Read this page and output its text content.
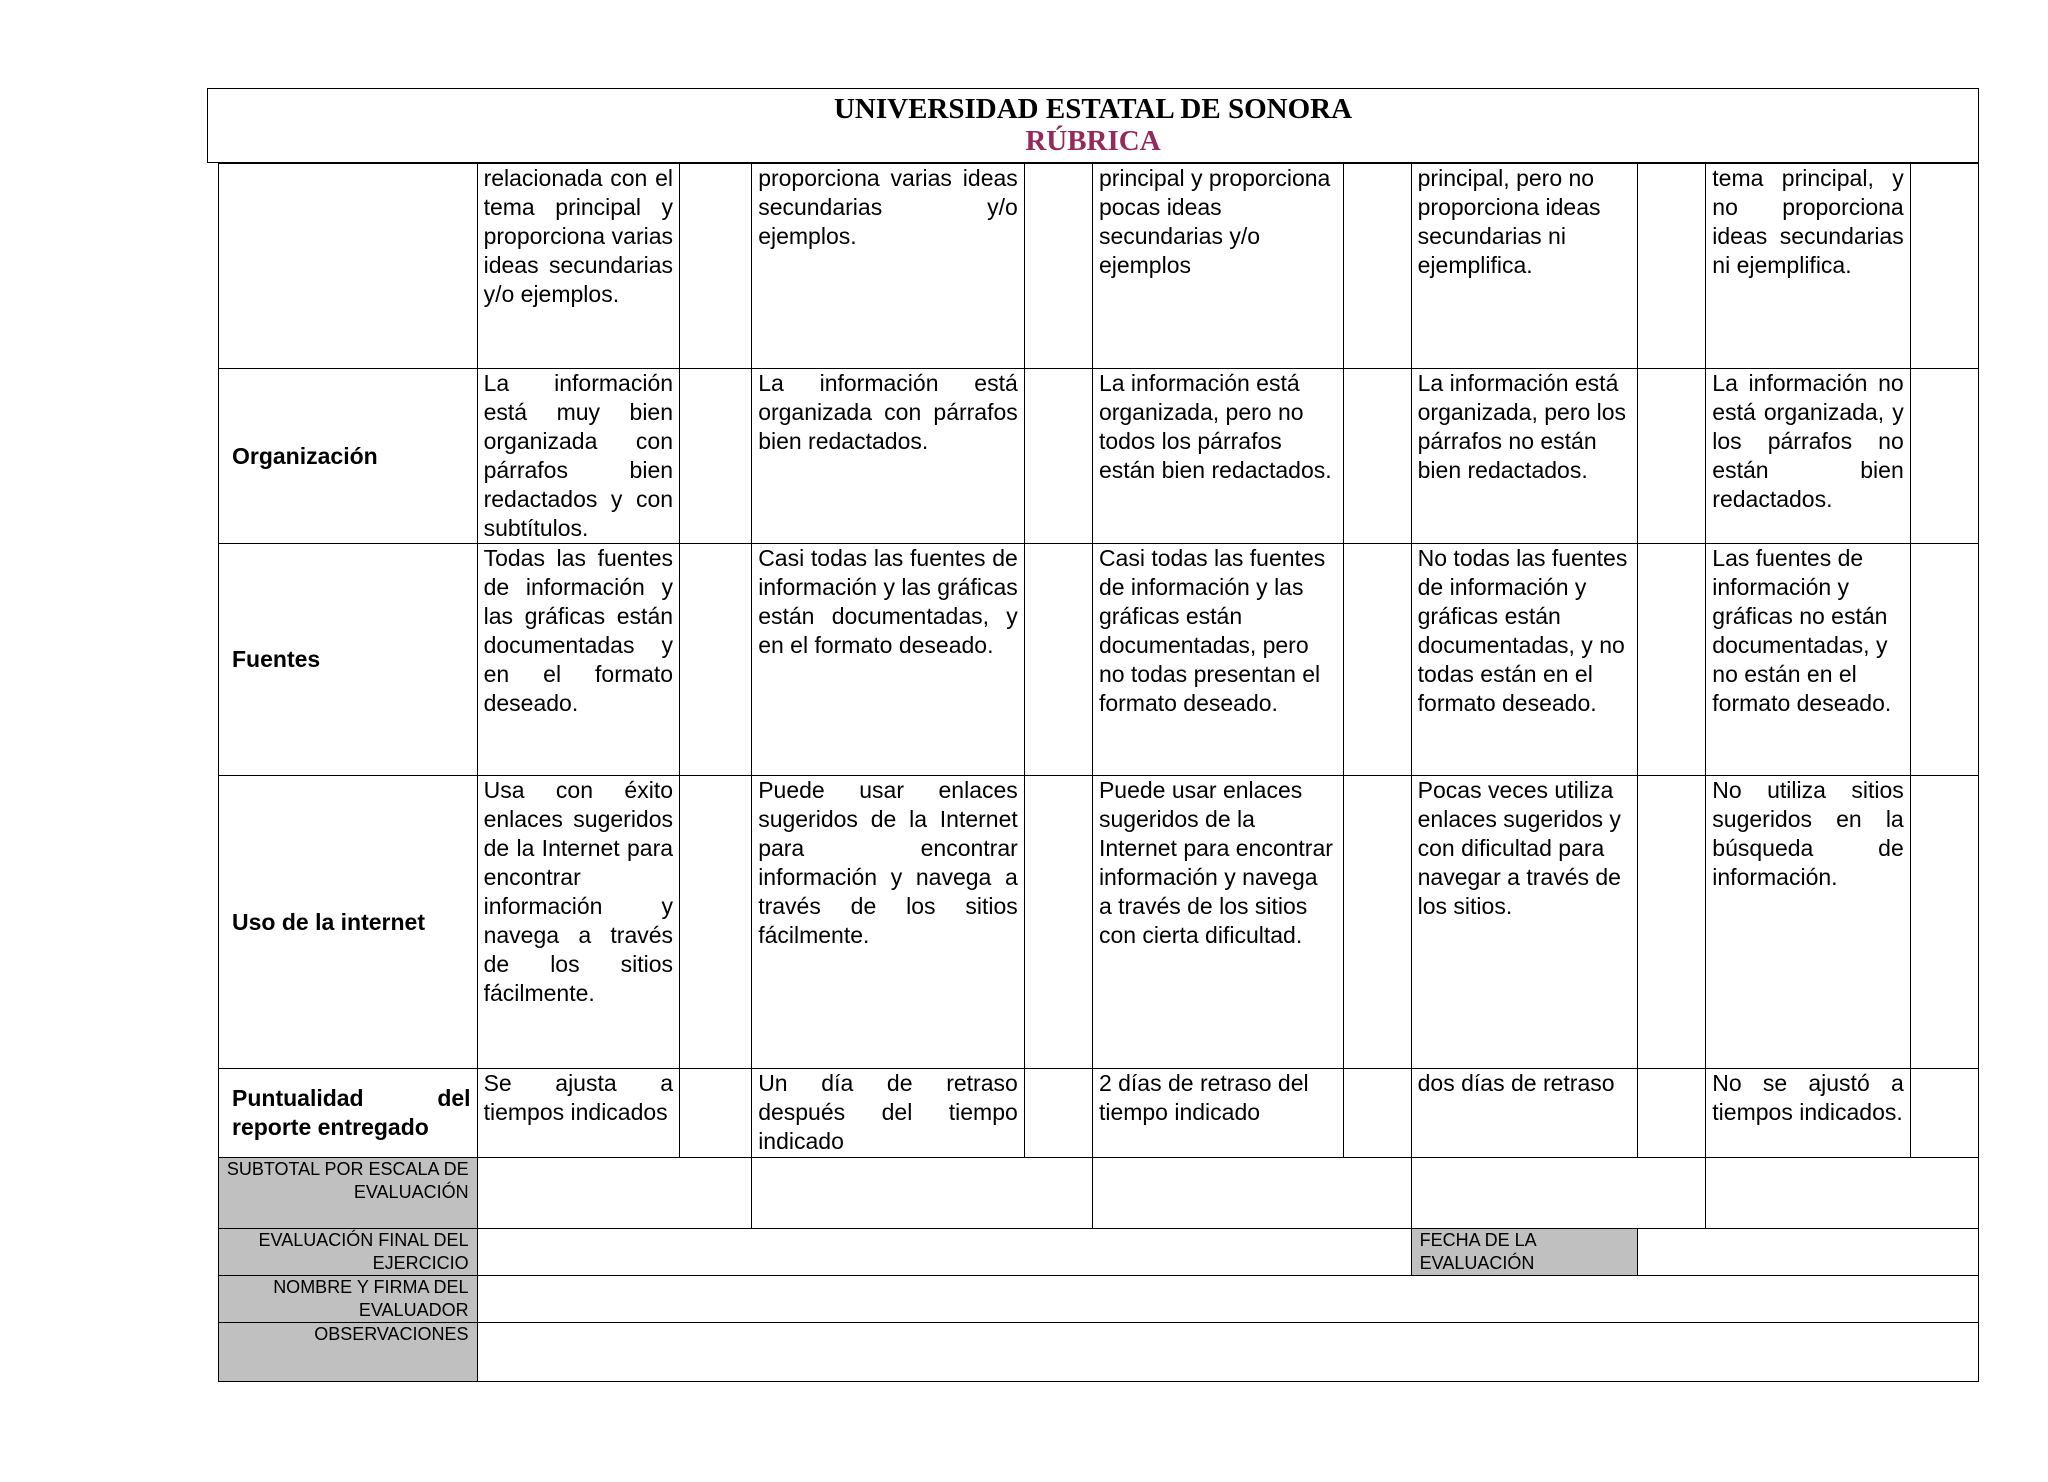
UNIVERSIDAD ESTATAL DE SONORA
RÚBRICA
	relacionada con el tema principal y proporciona varias ideas secundarias y/o ejemplos.		proporciona varias ideas secundarias y/o ejemplos.		principal y proporciona pocas ideas secundarias y/o ejemplos		principal, pero no proporciona ideas secundarias ni ejemplifica.		tema principal, y no proporciona ideas secundarias ni ejemplifica.	
Organización	La información está muy bien organizada con párrafos bien redactados y con subtítulos.		La información está organizada con párrafos bien redactados.		La información está organizada, pero no todos los párrafos están bien redactados.		La información está organizada, pero los párrafos no están bien redactados.		La información no está organizada, y los párrafos no están bien redactados.	
Fuentes	Todas las fuentes de información y las gráficas están documentadas y en el formato deseado.		Casi todas las fuentes de información y las gráficas están documentadas, y en el formato deseado.		Casi todas las fuentes de información y las gráficas están documentadas, pero no todas presentan el formato deseado.		No todas las fuentes de información y gráficas están documentadas, y no todas están en el formato deseado.		Las fuentes de información y gráficas no están documentadas, y no están en el formato deseado.	
Uso de la internet	Usa con éxito enlaces sugeridos de la Internet para encontrar información y navega a través de los sitios fácilmente.		Puede usar enlaces sugeridos de la Internet para encontrar información y navega a través de los sitios fácilmente.		Puede usar enlaces sugeridos de la Internet para encontrar información y navega a través de los sitios con cierta dificultad.		Pocas veces utiliza enlaces sugeridos y con dificultad para navegar a través de los sitios.		No utiliza sitios sugeridos en la búsqueda de información.	
Puntualidad del reporte entregado	Se ajusta a tiempos indicados		Un día de retraso después del tiempo indicado		2 días de retraso del tiempo indicado		dos días de retraso		No se ajustó a tiempos indicados.	
SUBTOTAL POR ESCALA DE EVALUACIÓN										
EVALUACIÓN FINAL DEL EJERCICIO							FECHA DE LA EVALUACIÓN			
NOMBRE Y FIRMA DEL EVALUADOR										
OBSERVACIONES										
